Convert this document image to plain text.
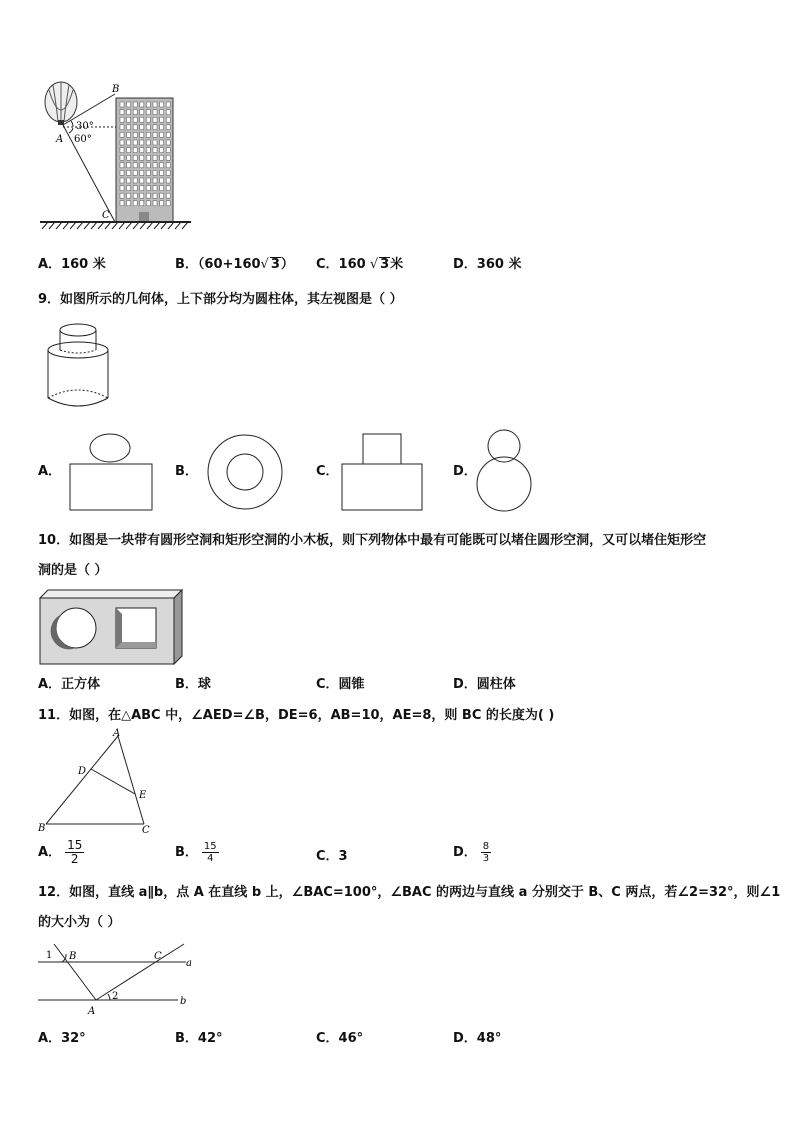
B
A
C
30°
60°
A．160 米	B．（60+160√ 3） C．160 √ 3米	D．360 米
9．如图所示的几何体，上下部分均为圆柱体，其左视图是（ ）
A．	B．	C．	D．
10．如图是一块带有圆形空洞和矩形空洞的小木板，则下列物体中最有可能既可以堵住圆形空洞，又可以堵住矩形空
洞的是（ ）
A．正方体	B．球	C．圆锥	D．圆柱体
11．如图，在△ABC 中，∠AED=∠B，DE=6，AB=10，AE=8，则 BC 的长度为( )
A
B	C
D
E
A． $\frac{15}{2}$	B． $\frac{15}{4}$	C．3	D． $\frac{8}{3}$
12．如图，直线 a∥b，点 A 在直线 b 上，∠BAC=100°，∠BAC 的两边与直线 a 分别交于 B、C 两点，若∠2=32°，则∠1
的大小为（ ）
1
2
B	C
A
a
b
A．32°	B．42°	C．46°	D．48°
